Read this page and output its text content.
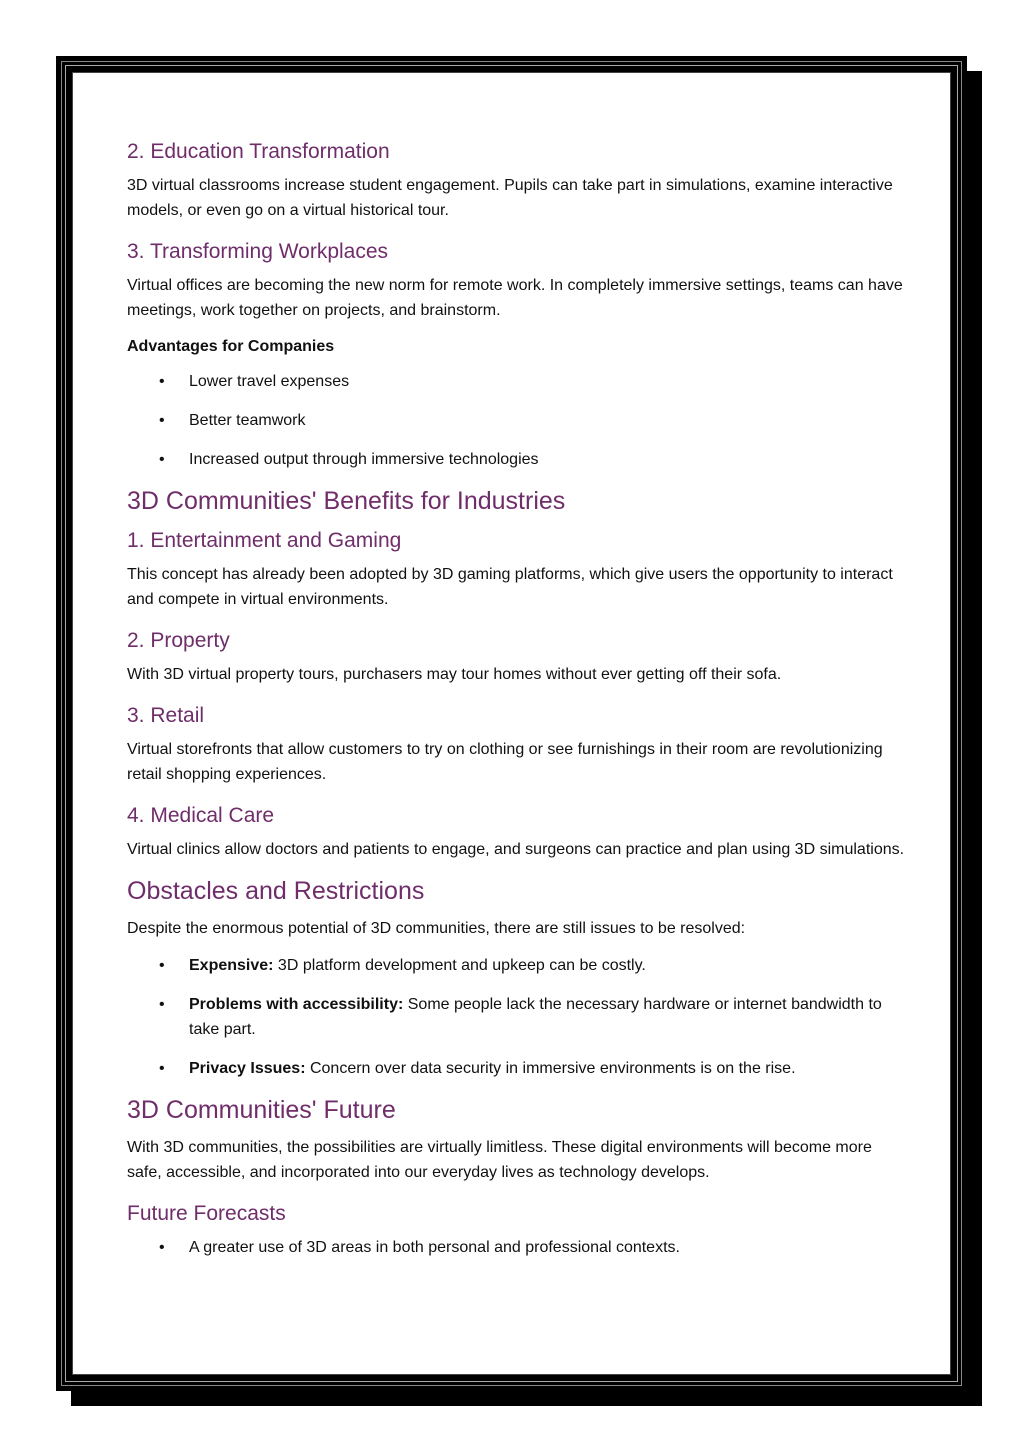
2. Education Transformation

3D virtual classrooms increase student engagement. Pupils can take part in simulations, examine interactive models, or even go on a virtual historical tour.

3. Transforming Workplaces

Virtual offices are becoming the new norm for remote work. In completely immersive settings, teams can have meetings, work together on projects, and brainstorm.

Advantages for Companies

• Lower travel expenses
• Better teamwork
• Increased output through immersive technologies
3D Communities' Benefits for Industries
1. Entertainment and Gaming

This concept has already been adopted by 3D gaming platforms, which give users the opportunity to interact and compete in virtual environments.

2. Property

With 3D virtual property tours, purchasers may tour homes without ever getting off their sofa.

3. Retail

Virtual storefronts that allow customers to try on clothing or see furnishings in their room are revolutionizing retail shopping experiences.

4. Medical Care

Virtual clinics allow doctors and patients to engage, and surgeons can practice and plan using 3D simulations.

Obstacles and Restrictions

Despite the enormous potential of 3D communities, there are still issues to be resolved:

• Expensive: 3D platform development and upkeep can be costly.
• Problems with accessibility: Some people lack the necessary hardware or internet bandwidth to take part.
• Privacy Issues: Concern over data security in immersive environments is on the rise.
3D Communities' Future

With 3D communities, the possibilities are virtually limitless. These digital environments will become more safe, accessible, and incorporated into our everyday lives as technology develops.

Future Forecasts
• A greater use of 3D areas in both personal and professional contexts.
